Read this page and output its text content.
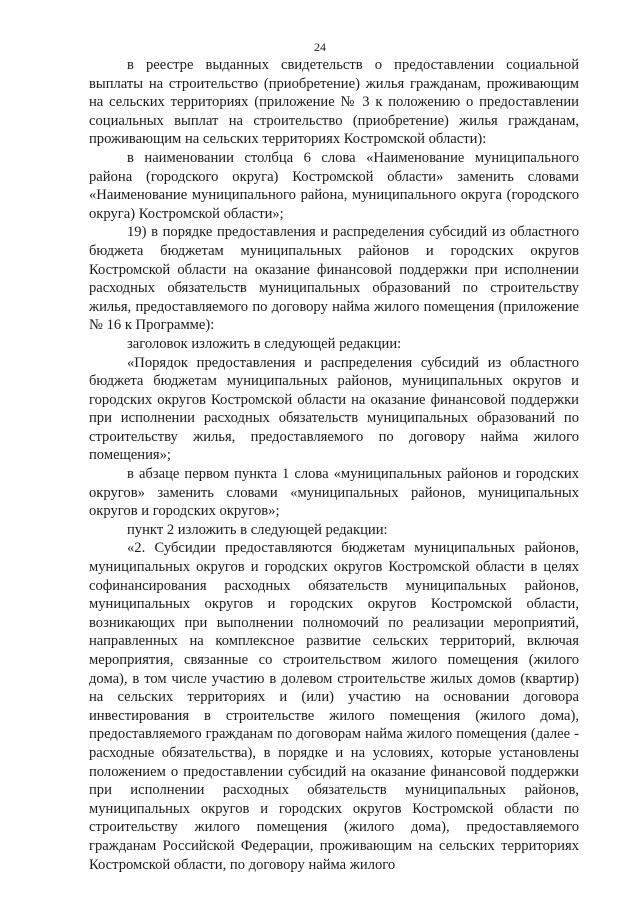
24

в реестре выданных свидетельств о предоставлении социальной выплаты на строительство (приобретение) жилья гражданам, проживающим на сельских территориях (приложение № 3 к положению о предоставлении социальных выплат на строительство (приобретение) жилья гражданам, проживающим на сельских территориях Костромской области):

в наименовании столбца 6 слова «Наименование муниципального района (городского округа) Костромской области» заменить словами «Наименование муниципального района, муниципального округа (городского округа) Костромской области»;

19) в порядке предоставления и распределения субсидий из областного бюджета бюджетам муниципальных районов и городских округов Костромской области на оказание финансовой поддержки при исполнении расходных обязательств муниципальных образований по строительству жилья, предоставляемого по договору найма жилого помещения (приложение № 16 к Программе):

заголовок изложить в следующей редакции:

«Порядок предоставления и распределения субсидий из областного бюджета бюджетам муниципальных районов, муниципальных округов и городских округов Костромской области на оказание финансовой поддержки при исполнении расходных обязательств муниципальных образований по строительству жилья, предоставляемого по договору найма жилого помещения»;

в абзаце первом пункта 1 слова «муниципальных районов и городских округов» заменить словами «муниципальных районов, муниципальных округов и городских округов»;

пункт 2 изложить в следующей редакции:

«2. Субсидии предоставляются бюджетам муниципальных районов, муниципальных округов и городских округов Костромской области в целях софинансирования расходных обязательств муниципальных районов, муниципальных округов и городских округов Костромской области, возникающих при выполнении полномочий по реализации мероприятий, направленных на комплексное развитие сельских территорий, включая мероприятия, связанные со строительством жилого помещения (жилого дома), в том числе участию в долевом строительстве жилых домов (квартир) на сельских территориях и (или) участию на основании договора инвестирования в строительстве жилого помещения (жилого дома), предоставляемого гражданам по договорам найма жилого помещения (далее - расходные обязательства), в порядке и на условиях, которые установлены положением о предоставлении субсидий на оказание финансовой поддержки при исполнении расходных обязательств муниципальных районов, муниципальных округов и городских округов Костромской области по строительству жилого помещения (жилого дома), предоставляемого гражданам Российской Федерации, проживающим на сельских территориях Костромской области, по договору найма жилого
